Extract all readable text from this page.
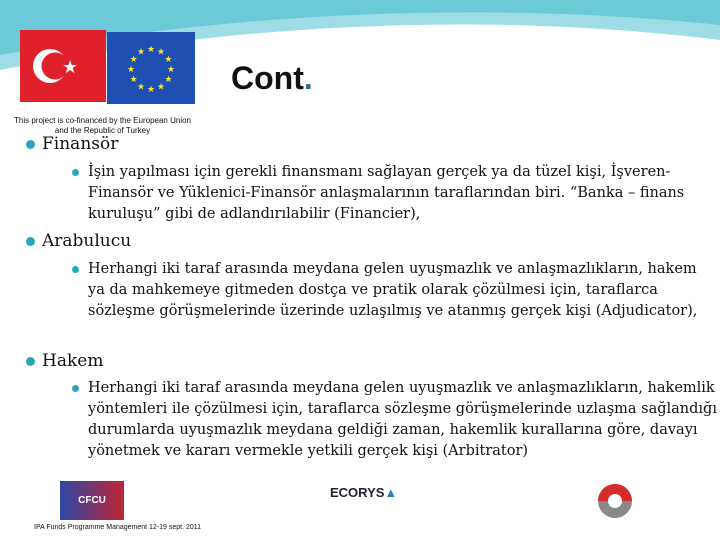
★	★
★
★
★
★
★
★
★
★ ★ ★
★
This project is co-financed by the European Union and the Republic of Turkey
Cont.
Finansör
İşin yapılması için gerekli finansmanı sağlayan gerçek ya da tüzel kişi, İşveren-Finansör ve Yüklenici-Finansör anlaşmalarının taraflarından biri. “Banka – finans kuruluşu” gibi de adlandırılabilir (Financier),
Arabulucu
Herhangi iki taraf arasında meydana gelen uyuşmazlık ve anlaşmazlıkların, hakem ya da mahkemeye gitmeden dostça ve pratik olarak çözülmesi için, taraflarca sözleşme görüşmelerinde üzerinde uzlaşılmış ve atanmış gerçek kişi (Adjudicator),
Hakem
Herhangi iki taraf arasında meydana gelen uyuşmazlık ve anlaşmazlıkların, hakemlik yöntemleri ile çözülmesi için, taraflarca sözleşme görüşmelerinde uzlaşma sağlandığı durumlarda uyuşmazlık meydana geldiği zaman, hakemlik kurallarına göre, davayı yönetmek ve kararı vermekle yetkili gerçek kişi (Arbitrator)
CFCU
ECORYS▲
IPA Funds Programme Management 12-19 sept. 2011
